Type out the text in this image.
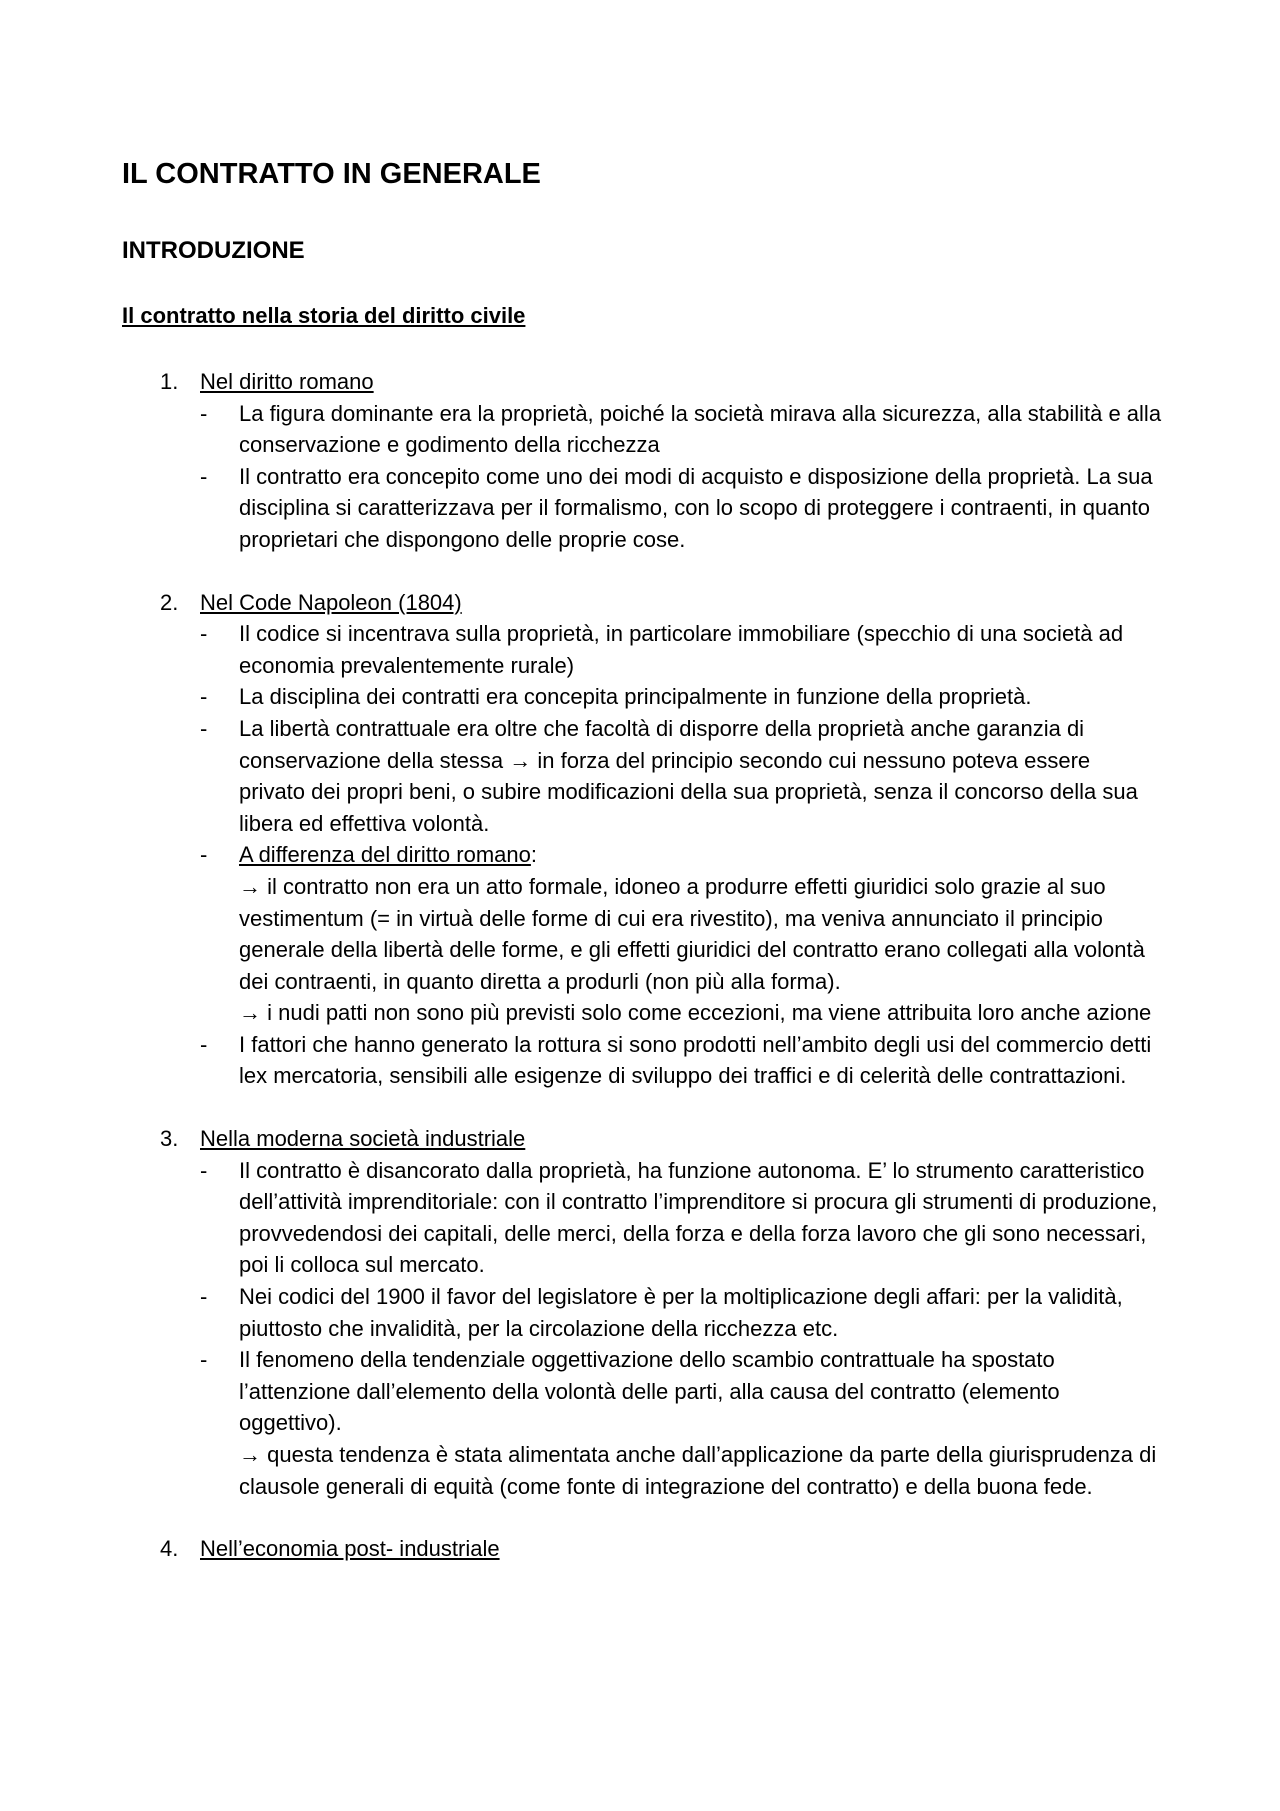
IL CONTRATTO IN GENERALE
INTRODUZIONE
Il contratto nella storia del diritto civile
1. Nel diritto romano
- La figura dominante era la proprietà, poiché la società mirava alla sicurezza, alla stabilità e alla conservazione e godimento della ricchezza
- Il contratto era concepito come uno dei modi di acquisto e disposizione della proprietà. La sua disciplina si caratterizzava per il formalismo, con lo scopo di proteggere i contraenti, in quanto proprietari che dispongono delle proprie cose.
2. Nel Code Napoleon (1804)
- Il codice si incentrava sulla proprietà, in particolare immobiliare (specchio di una società ad economia prevalentemente rurale)
- La disciplina dei contratti era concepita principalmente in funzione della proprietà.
- La libertà contrattuale era oltre che facoltà di disporre della proprietà anche garanzia di conservazione della stessa → in forza del principio secondo cui nessuno poteva essere privato dei propri beni, o subire modificazioni della sua proprietà, senza il concorso della sua libera ed effettiva volontà.
- A differenza del diritto romano:
→ il contratto non era un atto formale, idoneo a produrre effetti giuridici solo grazie al suo vestimentum (= in virtuà delle forme di cui era rivestito), ma veniva annunciato il principio generale della libertà delle forme, e gli effetti giuridici del contratto erano collegati alla volontà dei contraenti, in quanto diretta a produrli (non più alla forma).
→ i nudi patti non sono più previsti solo come eccezioni, ma viene attribuita loro anche azione
- I fattori che hanno generato la rottura si sono prodotti nell’ambito degli usi del commercio detti lex mercatoria, sensibili alle esigenze di sviluppo dei traffici e di celerità delle contrattazioni.
3. Nella moderna società industriale
- Il contratto è disancorato dalla proprietà, ha funzione autonoma. E’ lo strumento caratteristico dell’attività imprenditoriale: con il contratto l’imprenditore si procura gli strumenti di produzione, provvedendosi dei capitali, delle merci, della forza e della forza lavoro che gli sono necessari, poi li colloca sul mercato.
- Nei codici del 1900 il favor del legislatore è per la moltiplicazione degli affari: per la validità, piuttosto che invalidità, per la circolazione della ricchezza etc.
- Il fenomeno della tendenziale oggettivazione dello scambio contrattuale ha spostato l’attenzione dall’elemento della volontà delle parti, alla causa del contratto (elemento oggettivo).
→ questa tendenza è stata alimentata anche dall’applicazione da parte della giurisprudenza di clausole generali di equità (come fonte di integrazione del contratto) e della buona fede.
4. Nell’economia post- industriale
